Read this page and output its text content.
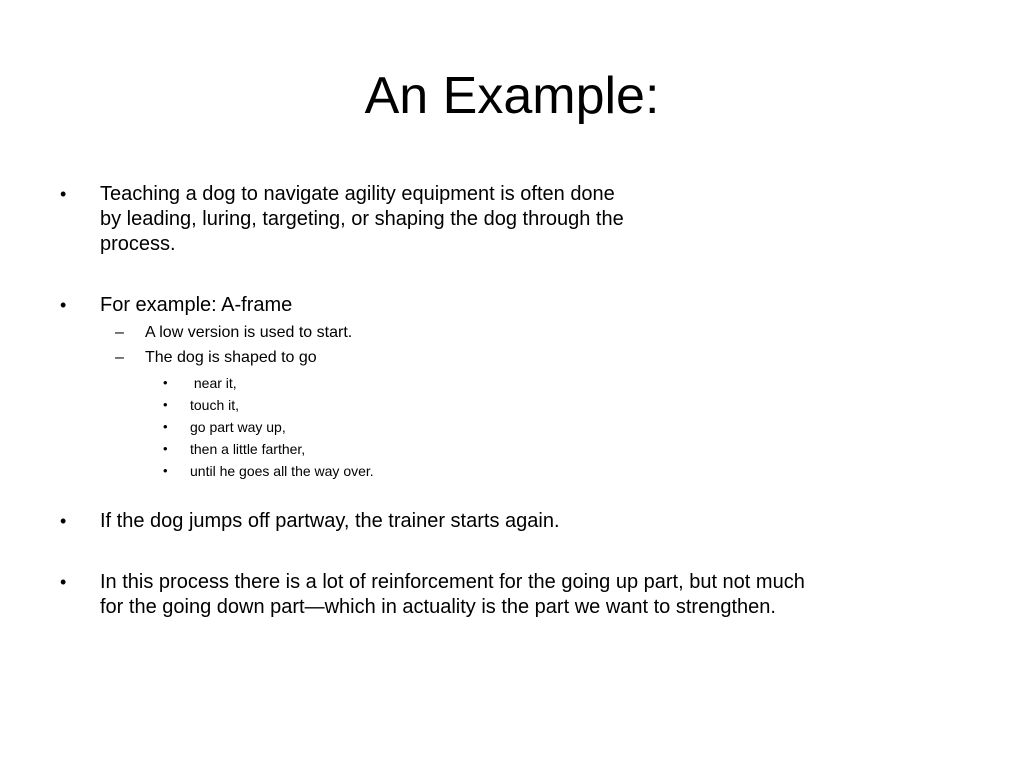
An Example:
• Teaching a dog to navigate agility equipment is often done
by leading, luring, targeting, or shaping the dog through the
process.
• For example: A-frame
– A low version is used to start.
– The dog is shaped to go
• near it,
• touch it,
• go part way up,
• then a little farther,
• until he goes all the way over.
• If the dog jumps off partway, the trainer starts again.
• In this process there is a lot of reinforcement for the going up part, but not much
for the going down part—which in actuality is the part we want to strengthen.
